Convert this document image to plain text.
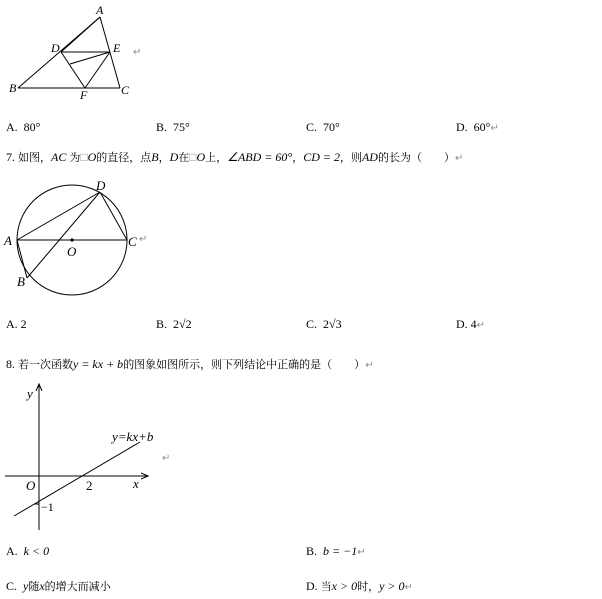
A
D	E
B	F	C
↵
A. 80°	B. 75°	C. 70°	D. 60°↵
7. 如图，AC 为□O的直径，点B，D在□O上，∠ABD = 60°，CD = 2，则AD的长为（　　）↵
D
A
O
C
B
↵
A. 2	B. 2√2	C. 2√3	D. 4↵
8. 若一次函数y = kx + b的图象如图所示，则下列结论中正确的是（　　）↵
y
x
O	2
−1
y=kx+b
↵
A. k < 0	B. b = −1↵
C. y随x的增大而减小	D. 当x > 0时，y > 0↵
